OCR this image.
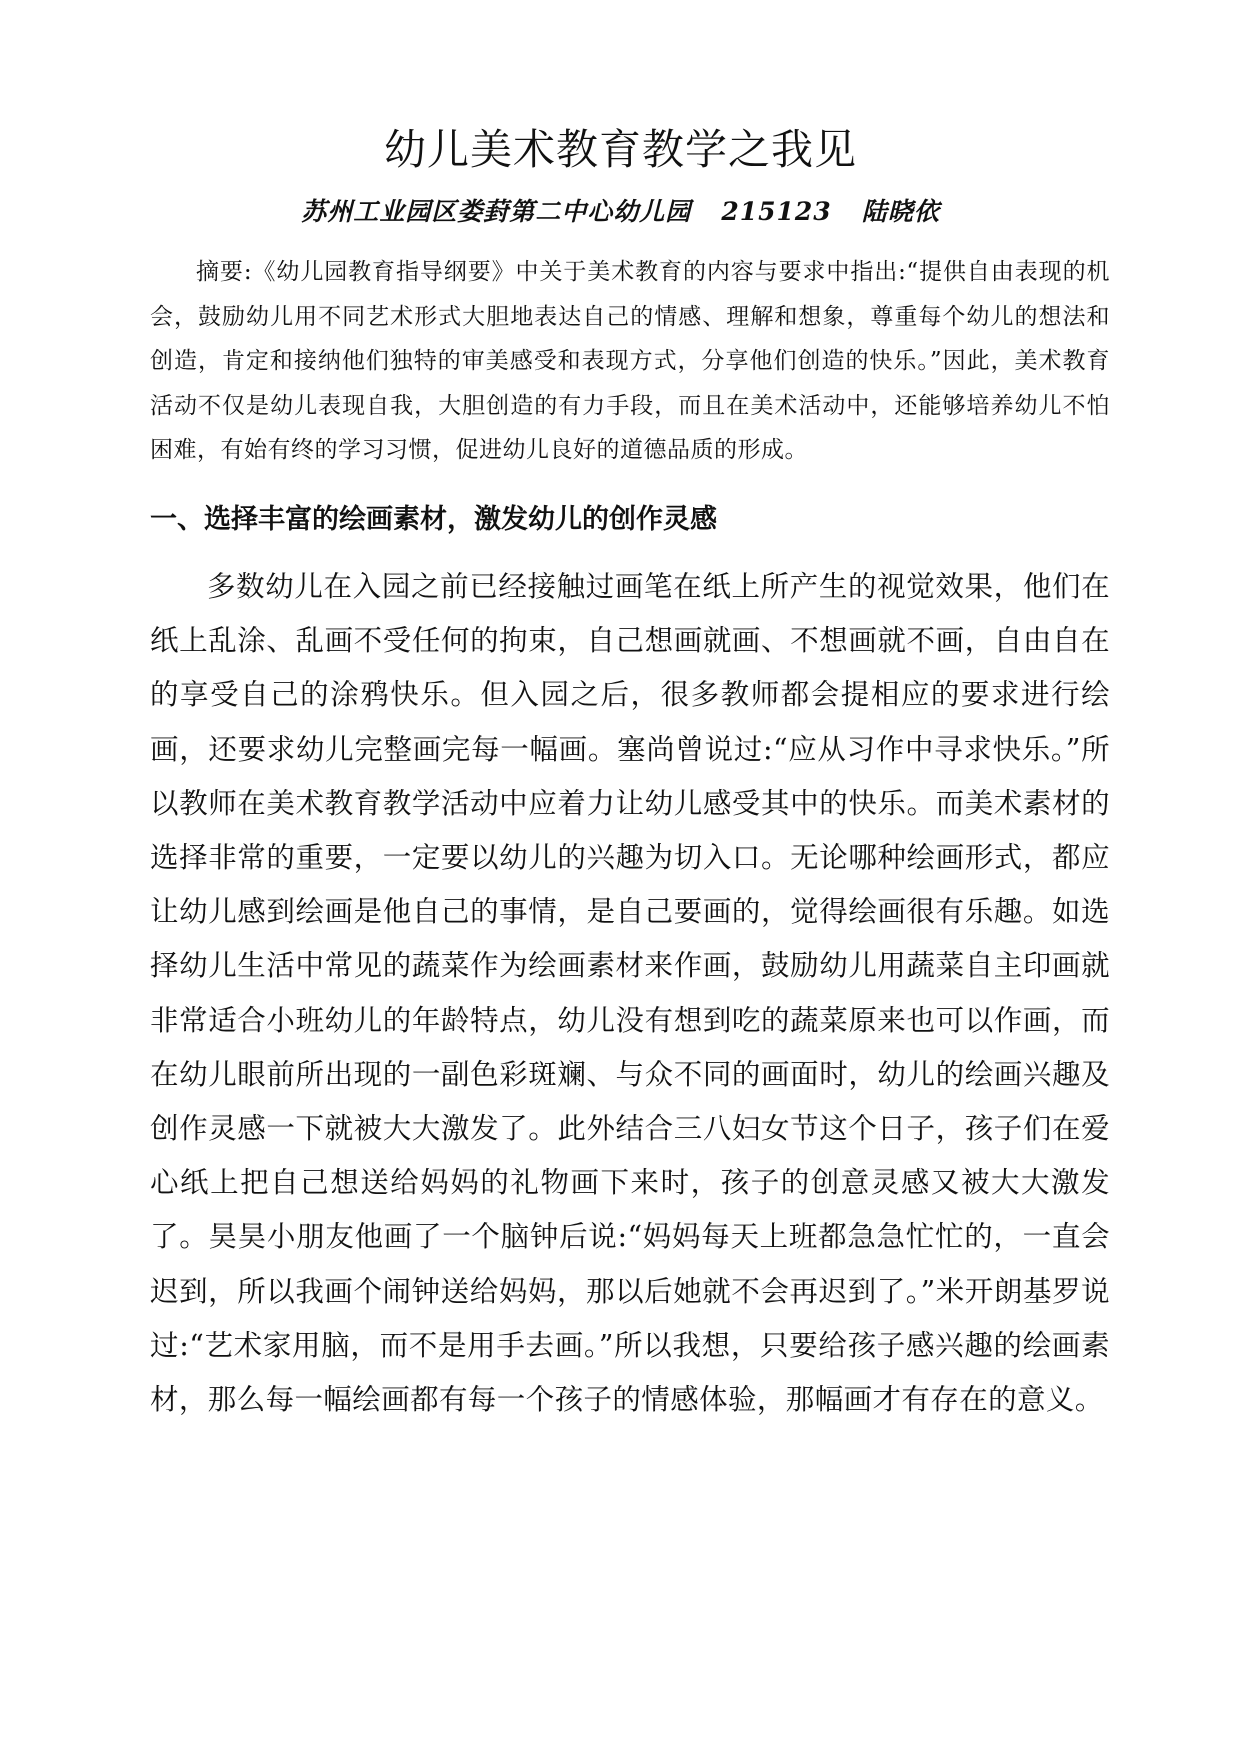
幼儿美术教育教学之我见
苏州工业园区娄葑第二中心幼儿园 215123 陆晓依

摘要:《幼儿园教育指导纲要》中关于美术教育的内容与要求中指出:“提供自由表现的机会，鼓励幼儿用不同艺术形式大胆地表达自己的情感、理解和想象，尊重每个幼儿的想法和创造，肯定和接纳他们独特的审美感受和表现方式，分享他们创造的快乐。”因此，美术教育活动不仅是幼儿表现自我，大胆创造的有力手段，而且在美术活动中，还能够培养幼儿不怕困难，有始有终的学习习惯，促进幼儿良好的道德品质的形成。

一、选择丰富的绘画素材，激发幼儿的创作灵感

多数幼儿在入园之前已经接触过画笔在纸上所产生的视觉效果，他们在纸上乱涂、乱画不受任何的拘束，自己想画就画、不想画就不画，自由自在的享受自己的涂鸦快乐。但入园之后，很多教师都会提相应的要求进行绘画，还要求幼儿完整画完每一幅画。塞尚曾说过:“应从习作中寻求快乐。”所以教师在美术教育教学活动中应着力让幼儿感受其中的快乐。而美术素材的选择非常的重要，一定要以幼儿的兴趣为切入口。无论哪种绘画形式，都应让幼儿感到绘画是他自己的事情，是自己要画的，觉得绘画很有乐趣。如选择幼儿生活中常见的蔬菜作为绘画素材来作画，鼓励幼儿用蔬菜自主印画就非常适合小班幼儿的年龄特点，幼儿没有想到吃的蔬菜原来也可以作画，而在幼儿眼前所出现的一副色彩斑斓、与众不同的画面时，幼儿的绘画兴趣及创作灵感一下就被大大激发了。此外结合三八妇女节这个日子，孩子们在爱心纸上把自己想送给妈妈的礼物画下来时，孩子的创意灵感又被大大激发了。昊昊小朋友他画了一个脑钟后说:“妈妈每天上班都急急忙忙的，一直会迟到，所以我画个闹钟送给妈妈，那以后她就不会再迟到了。”米开朗基罗说过:“艺术家用脑，而不是用手去画。”所以我想，只要给孩子感兴趣的绘画素材，那么每一幅绘画都有每一个孩子的情感体验，那幅画才有存在的意义。
